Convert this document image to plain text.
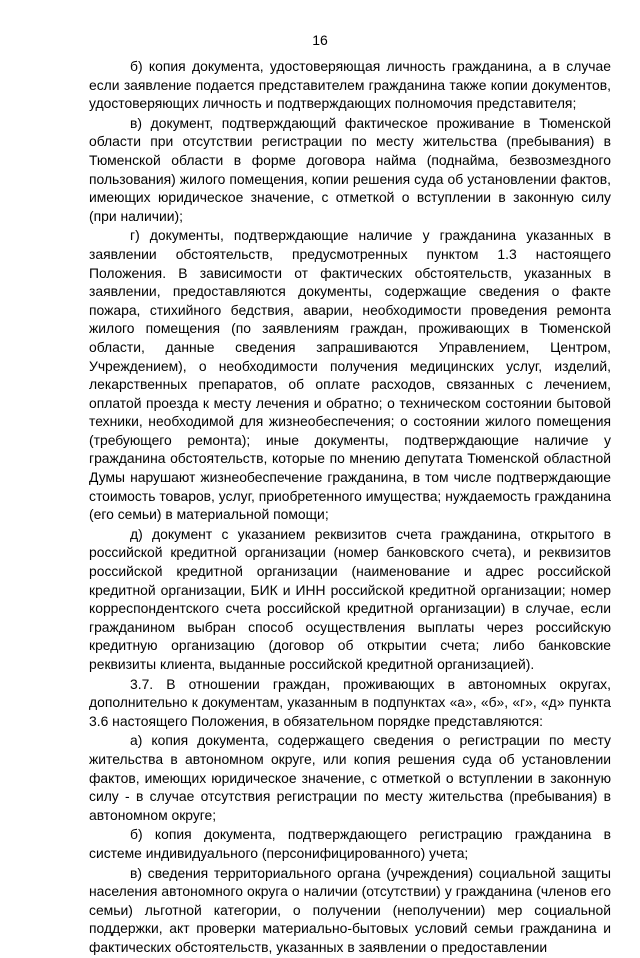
16

б) копия документа, удостоверяющая личность гражданина, а в случае если заявление подается представителем гражданина также копии документов, удостоверяющих личность и подтверждающих полномочия представителя;

в) документ, подтверждающий фактическое проживание в Тюменской области при отсутствии регистрации по месту жительства (пребывания) в Тюменской области в форме договора найма (поднайма, безвозмездного пользования) жилого помещения, копии решения суда об установлении фактов, имеющих юридическое значение, с отметкой о вступлении в законную силу (при наличии);

г) документы, подтверждающие наличие у гражданина указанных в заявлении обстоятельств, предусмотренных пунктом 1.3 настоящего Положения. В зависимости от фактических обстоятельств, указанных в заявлении, предоставляются документы, содержащие сведения о факте пожара, стихийного бедствия, аварии, необходимости проведения ремонта жилого помещения (по заявлениям граждан, проживающих в Тюменской области, данные сведения запрашиваются Управлением, Центром, Учреждением), о необходимости получения медицинских услуг, изделий, лекарственных препаратов, об оплате расходов, связанных с лечением, оплатой проезда к месту лечения и обратно; о техническом состоянии бытовой техники, необходимой для жизнеобеспечения; о состоянии жилого помещения (требующего ремонта); иные документы, подтверждающие наличие у гражданина обстоятельств, которые по мнению депутата Тюменской областной Думы нарушают жизнеобеспечение гражданина, в том числе подтверждающие стоимость товаров, услуг, приобретенного имущества; нуждаемость гражданина (его семьи) в материальной помощи;

д) документ с указанием реквизитов счета гражданина, открытого в российской кредитной организации (номер банковского счета), и реквизитов российской кредитной организации (наименование и адрес российской кредитной организации, БИК и ИНН российской кредитной организации; номер корреспондентского счета российской кредитной организации) в случае, если гражданином выбран способ осуществления выплаты через российскую кредитную организацию (договор об открытии счета; либо банковские реквизиты клиента, выданные российской кредитной организацией).

3.7. В отношении граждан, проживающих в автономных округах, дополнительно к документам, указанным в подпунктах «а», «б», «г», «д» пункта 3.6 настоящего Положения, в обязательном порядке представляются:

а) копия документа, содержащего сведения о регистрации по месту жительства в автономном округе, или копия решения суда об установлении фактов, имеющих юридическое значение, с отметкой о вступлении в законную силу - в случае отсутствия регистрации по месту жительства (пребывания) в автономном округе;

б) копия документа, подтверждающего регистрацию гражданина в системе индивидуального (персонифицированного) учета;

в) сведения территориального органа (учреждения) социальной защиты населения автономного округа о наличии (отсутствии) у гражданина (членов его семьи) льготной категории, о получении (неполучении) мер социальной поддержки, акт проверки материально-бытовых условий семьи гражданина и фактических обстоятельств, указанных в заявлении о предоставлении
